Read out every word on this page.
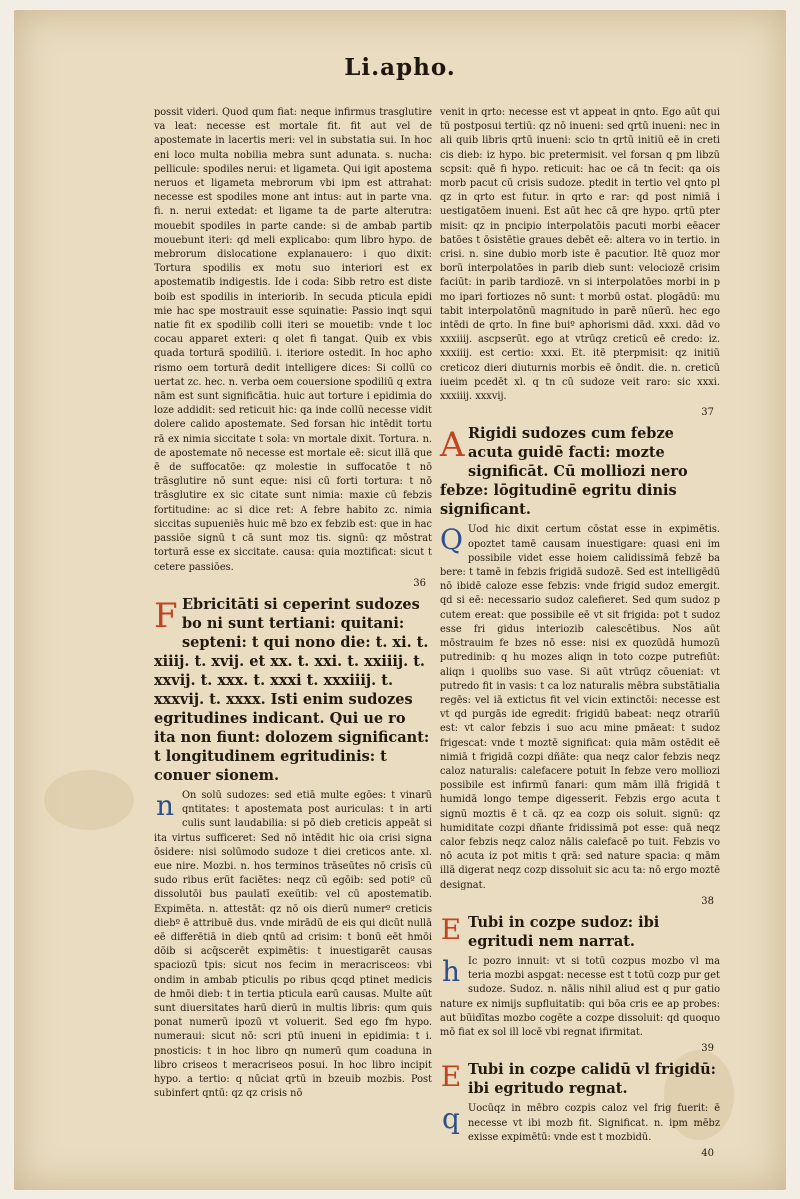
Li.apho.

possit videri. Quod qum fiat: neque infirmus trasglutire va leat: necesse est mortale fit. fit aut vel de apostemate in lacertis meri: vel in substatia sui. In hoc eni loco multa nobilia mebra sunt adunata. s. nucha: pellicule: spodiles nerui: et ligameta. Qui igit apostema neruos et ligameta mebrorum vbi ipm est attrahat: necesse est spodiles mone ant intus: aut in parte vna. fi. n. nerui extedat: et ligame ta de parte alterutra: mouebit spodiles in parte cande: si de ambab partib mouebunt iteri: qd meli explicabo: qum libro hypo. de mebrorum dislocatione explanauero: i quo dixit: Tortura spodilis ex motu suo interiori est ex apostematib indigestis. Ide i coda: Sibb retro est diste boib est spodilis in interiorib. In secuda pticula epidi mie hac spe mostrauit esse squinatie: Passio inqt squi natie fit ex spodilib colli iteri se mouetib: vnde t loc cocau apparet exteri: q olet fi tangat. Quib ex vbis quada torturā spodiliū. i. iteriore ostedit. In hoc apho rismo oem torturā dedit intelligere dices: Si collū co uertat zc. hec. n. verba oem couersione spodiliū q extra nām est sunt significātia. huic aut torture i epidimia do loze addidit: sed reticuit hic: qa inde collū necesse vidit dolere calido apostemate. Sed forsan hic intēdit tortu rā ex nimia siccitate t sola: vn mortale dixit. Tortura. n. de apostemate nō necesse est mortale eē: sicut illā que ē de suffocatōe: qz molestie in suffocatōe t nō trāsglutire nō sunt eque: nisi cū forti tortura: t nō trāsglutire ex sic citate sunt nimia: maxie cū febzis fortitudine: ac si dice ret: A febre habito zc. nimia siccitas supueniēs huic mē bzo ex febzib est: que in hac passiōe signū t cā sunt moz tis. signū: qz mōstrat torturā esse ex siccitate. causa: quia moztificat: sicut t cetere passiōes.

36
F Ebricitāti si ceperint sudozes bo ni sunt tertiani: quitani: septeni: t qui nono die: t. xi. t. xiiij. t. xvij. et xx. t. xxi. t. xxiiij. t. xxvij. t. xxx. t. xxxi t. xxxiiij. t. xxxvij. t. xxxx. Isti enim sudozes egritudines indicant. Qui ue ro ita non fiunt: dolozem significant: t longitudinem egritudinis: t conuer sionem.
n On solū sudozes: sed etiā multe egōes: t vinarū qntitates: t apostemata post auriculas: t in arti culis sunt laudabilia: si pō dieb creticis appeāt si ita virtus sufficeret: Sed nō intēdit hic oia crisi signa ōsidere: nisi solūmodo sudoze t diei creticos ante. xl. eue nire. Mozbi. n. hos terminos trāseūtes nō crisīs cū sudo ribus erūt faciētes: neqz cū egōib: sed potiº cū dissolutōi bus paulatī exeūtib: vel cū apostematib. Expimēta. n. attestāt: qz nō ois dierū numerº creticis diebº ē attribuē dus. vnde mirādū de eis qui dicūt nullā eē differētiā in dieb qntū ad crisim: t bonū eēt hmōi dōib si acq̄scerēt expimētis: t inuestigarēt causas spaciozū tpis: sicut nos fecim in meracrisceos: vbi ondim in ambab pticulis po ribus qcqd ptinet medicis de hmōi dieb: t in tertia pticula earū causas. Multe aūt sunt diuersitates harū dierū in multis libris: qum quis ponat numerū ipozū vt voluerit. Sed ego fm hypo. numeraui: sicut nō: scri ptū inueni in epidimia: t i. pnosticis: t in hoc libro qn numerū qum coaduna in libro criseos t meracriseos posui. In hoc libro incipit hypo. a tertio: q nūciat qrtū in bzeuib mozbis. Post subinfert qntū: qz qz crisis nō

venit in qrto: necesse est vt appeat in qnto. Ego aūt qui tū postposui tertiū: qz nō inueni: sed qrtū inueni: nec in ali quib libris qrtū inueni: scio tn qrtū initiū eē in creti cis dieb: iz hypo. bic pretermisit. vel forsan q pm libzū scpsit: quē fi hypo. reticuit: hac oe cā tn fecit: qa ois morb pacut cū crisis sudoze. ptedit in tertio vel qnto pl qz in qrto est futur. in qrto e rar: qd post nimiā i uestigatōem inueni. Est aūt hec cā qre hypo. qrtū pter misit: qz in pncipio interpolatōis pacuti morbi eēacer batōes t ōsistētie graues debēt eē: altera vo in tertio. in crisi. n. sine dubio morb iste ē pacutior. Itē quoz mor borū interpolatōes in parib dieb sunt: velociozē crisim faciūt: in parib tardiozē. vn si interpolatōes morbi in p mo ipari fortiozes nō sunt: t morbū ostat. plogādū: mu tabit interpolatōnū magnitudo in parē nūerū. hec ego intēdi de qrto. In fine buiº aphorismi dād. xxxi. dād vo xxxiiij. ascpserūt. ego at vtrūqz creticū eē credo: iz. xxxiiij. est certio: xxxi. Et. itē pterpmisit: qz initiū creticoz dieri diuturnis morbis eē ōndit. die. n. creticū iueim pcedēt xl. q tn cū sudoze veit raro: sic xxxi. xxxiiij. xxxvij.

37
A Rigidi sudozes cum febze acuta guidē facti: mozte significāt. Cū molliozi nero febze: lōgitudinē egritu dinis significant.
Q Uod hic dixit certum cōstat esse in expimētis. opoztet tamē causam inuestigare: quasi eni im possibile videt esse hoiem calidissimā febzē ba bere: t tamē in febzis frigidā sudozē. Sed est intelligēdū nō ibidē caloze esse febzis: vnde frigid sudoz emergit. qd si eē: necessario sudoz calefieret. Sed qum sudoz p cutem ereat: que possibile eē vt sit frigida: pot t sudoz esse fri gidus interiozib calescētibus. Nos aūt mōstrauim fe bzes nō esse: nisi ex quozūdā humozū putredinib: q hu mozes aliqn in toto cozpe putrefiūt: aliqn i quolibs suo vase. Si aūt vtrūqz cōueniat: vt putredo fit in vasis: t ca loz naturalis mēbra substātialia regēs: vel iā extictus fit vel vicin extinctōi: necesse est vt qd purgās ide egredit: frigidū babeat: neqz otrarīū est: vt calor febzis i suo acu mine pmāeat: t sudoz frigescat: vnde t moztē significat: quia mām ostēdit eē nimiā t frigidā cozpi dñāte: qua neqz calor febzis neqz caloz naturalis: calefacere potuit In febze vero molliozi possibile est infirmū fanari: qum mām illā frigidā t humidā longo tempe digesserit. Febzis ergo acuta t signū moztis ē t cā. qz ea cozp ois soluit. signū: qz humiditate cozpi dñante fridissimā pot esse: quā neqz calor febzis neqz caloz nālis calefacē po tuit. Febzis vo nō acuta iz pot mitis t qrā: sed nature spacia: q mām illā digerat neqz cozp dissoluit sic acu ta: nō ergo moztē designat.

38
E Tubi in cozpe sudoz: ibi egritudi nem narrat.
h Ic pozro innuit: vt si totū cozpus mozbo vl ma teria mozbi aspgat: necesse est t totū cozp pur get sudoze. Sudoz. n. nālis nihil aliud est q pur gatio nature ex nimijs supfluitatib: qui bōa cris ee ap probes: aut būidītas mozbo cogēte a cozpe dissoluit: qd quoquo mō fiat ex sol ill locē vbi regnat ifirmitat.

39
E Tubi in cozpe calidū vl frigidū: ibi egritudo regnat.
q Uocūqz in mēbro cozpis caloz vel frig fuerit: ē necesse vt ibi mozb fit. Significat. n. ipm mēbz exisse expimētū: vnde est t mozbidū.

40
